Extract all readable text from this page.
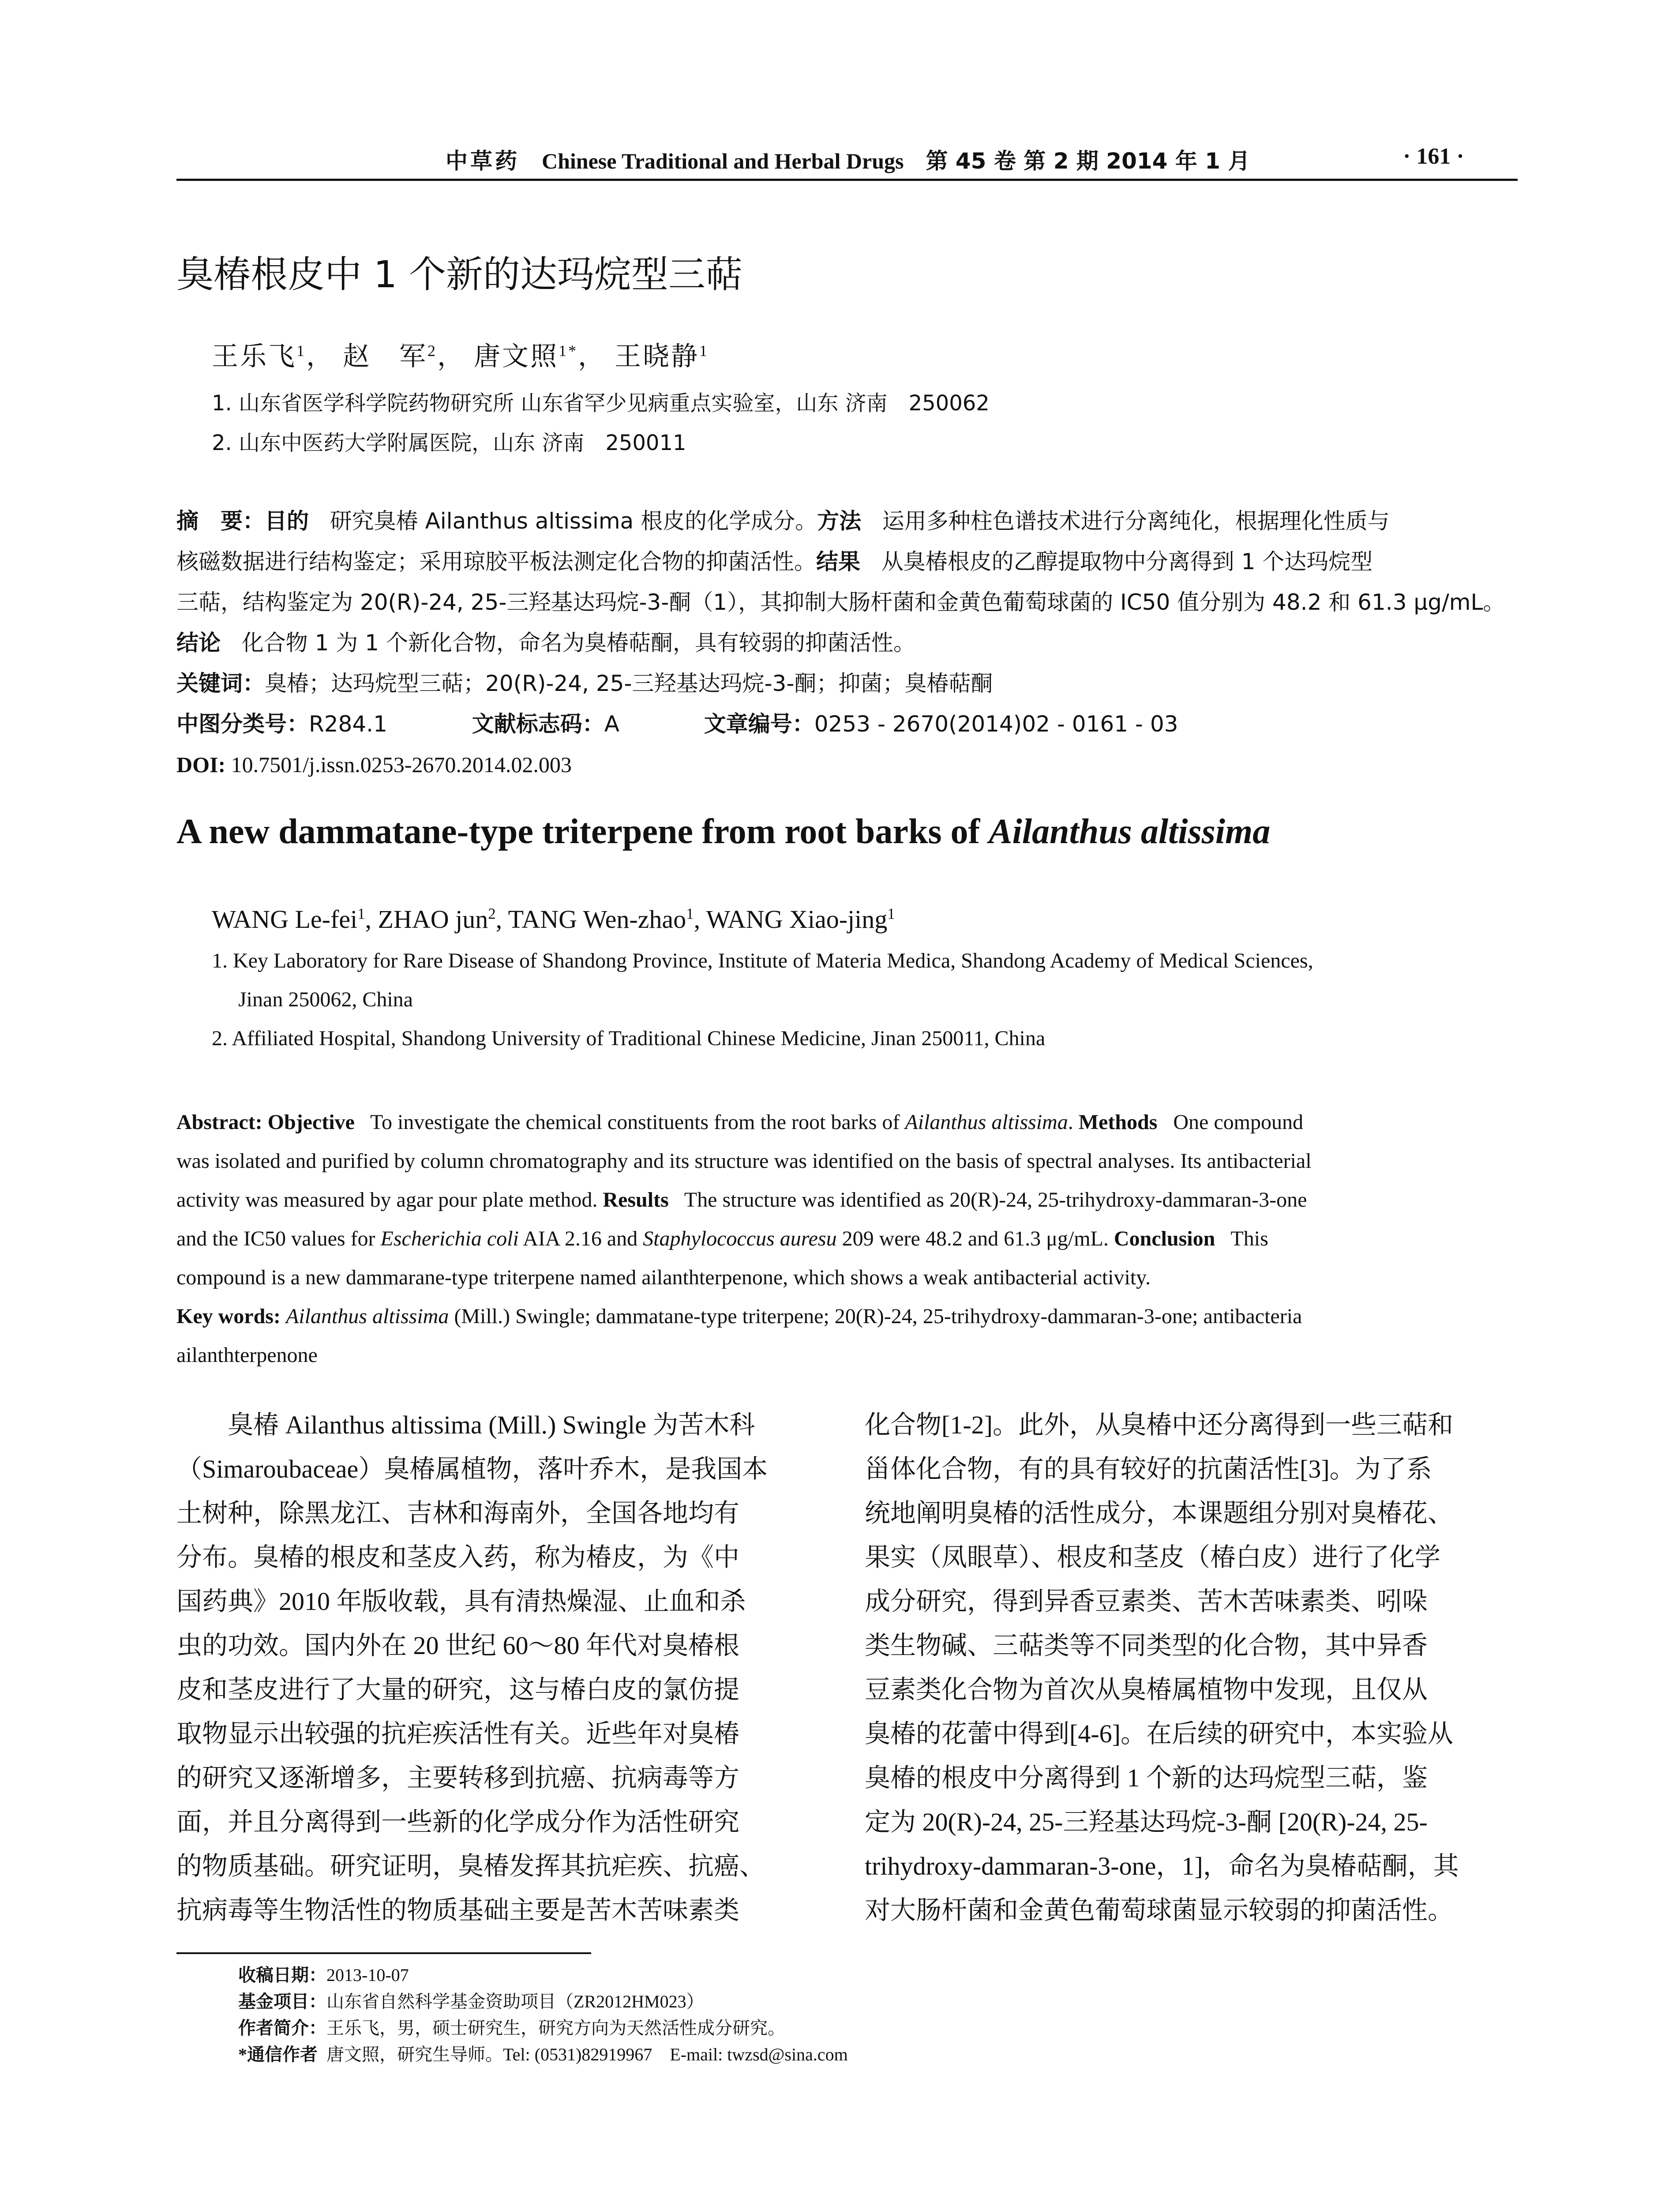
中草药 Chinese Traditional and Herbal Drugs 第 45 卷 第 2 期 2014 年 1 月	· 161 ·
臭椿根皮中 1 个新的达玛烷型三萜
王乐飞$^1$， 赵　军$^2$， 唐文照$^{1*}$， 王晓静$^1$
1. 山东省医学科学院药物研究所 山东省罕少见病重点实验室，山东 济南　250062
2. 山东中医药大学附属医院，山东 济南　250011
摘　要：目的 研究臭椿 Ailanthus altissima 根皮的化学成分。方法 运用多种柱色谱技术进行分离纯化，根据理化性质与
核磁数据进行结构鉴定；采用琼胶平板法测定化合物的抑菌活性。结果 从臭椿根皮的乙醇提取物中分离得到 1 个达玛烷型
三萜，结构鉴定为 20(R)-24, 25-三羟基达玛烷-3-酮（1），其抑制大肠杆菌和金黄色葡萄球菌的 IC50 值分别为 48.2 和 61.3 μg/mL。
结论 化合物 1 为 1 个新化合物，命名为臭椿萜酮，具有较弱的抑菌活性。
关键词：臭椿；达玛烷型三萜；20(R)-24, 25-三羟基达玛烷-3-酮；抑菌；臭椿萜酮
中图分类号：R284.1	文献标志码：A	文章编号：0253 - 2670(2014)02 - 0161 - 03
DOI: 10.7501/j.issn.0253-2670.2014.02.003
A new dammatane-type triterpene from root barks of Ailanthus altissima
WANG Le-fei$^1$, ZHAO jun$^2$, TANG Wen-zhao$^1$, WANG Xiao-jing$^1$
1. Key Laboratory for Rare Disease of Shandong Province, Institute of Materia Medica, Shandong Academy of Medical Sciences,
Jinan 250062, China
2. Affiliated Hospital, Shandong University of Traditional Chinese Medicine, Jinan 250011, China
Abstract: Objective To investigate the chemical constituents from the root barks of Ailanthus altissima. Methods One compound
was isolated and purified by column chromatography and its structure was identified on the basis of spectral analyses. Its antibacterial
activity was measured by agar pour plate method. Results The structure was identified as 20(R)-24, 25-trihydroxy-dammaran-3-one
and the IC50 values for Escherichia coli AIA 2.16 and Staphylococcus auresu 209 were 48.2 and 61.3 μg/mL. Conclusion This
compound is a new dammarane-type triterpene named ailanthterpenone, which shows a weak antibacterial activity.
Key words: Ailanthus altissima (Mill.) Swingle; dammatane-type triterpene; 20(R)-24, 25-trihydroxy-dammaran-3-one; antibacteria
ailanthterpenone
　　臭椿 Ailanthus altissima (Mill.) Swingle 为苦木科
（Simaroubaceae）臭椿属植物，落叶乔木，是我国本
土树种，除黑龙江、吉林和海南外，全国各地均有
分布。臭椿的根皮和茎皮入药，称为椿皮，为《中
国药典》2010 年版收载，具有清热燥湿、止血和杀
虫的功效。国内外在 20 世纪 60～80 年代对臭椿根
皮和茎皮进行了大量的研究，这与椿白皮的氯仿提
取物显示出较强的抗疟疾活性有关。近些年对臭椿
的研究又逐渐增多，主要转移到抗癌、抗病毒等方
面，并且分离得到一些新的化学成分作为活性研究
的物质基础。研究证明，臭椿发挥其抗疟疾、抗癌、
抗病毒等生物活性的物质基础主要是苦木苦味素类
化合物[1-2]。此外，从臭椿中还分离得到一些三萜和
甾体化合物，有的具有较好的抗菌活性[3]。为了系
统地阐明臭椿的活性成分，本课题组分别对臭椿花、
果实（凤眼草）、根皮和茎皮（椿白皮）进行了化学
成分研究，得到异香豆素类、苦木苦味素类、吲哚
类生物碱、三萜类等不同类型的化合物，其中异香
豆素类化合物为首次从臭椿属植物中发现，且仅从
臭椿的花蕾中得到[4-6]。在后续的研究中，本实验从
臭椿的根皮中分离得到 1 个新的达玛烷型三萜，鉴
定为 20(R)-24, 25-三羟基达玛烷-3-酮 [20(R)-24, 25-
trihydroxy-dammaran-3-one，1]，命名为臭椿萜酮，其
对大肠杆菌和金黄色葡萄球菌显示较弱的抑菌活性。
收稿日期：2013-10-07
基金项目：山东省自然科学基金资助项目（ZR2012HM023）
作者简介：王乐飞，男，硕士研究生，研究方向为天然活性成分研究。
*通信作者 唐文照，研究生导师。Tel: (0531)82919967　E-mail: twzsd@sina.com
